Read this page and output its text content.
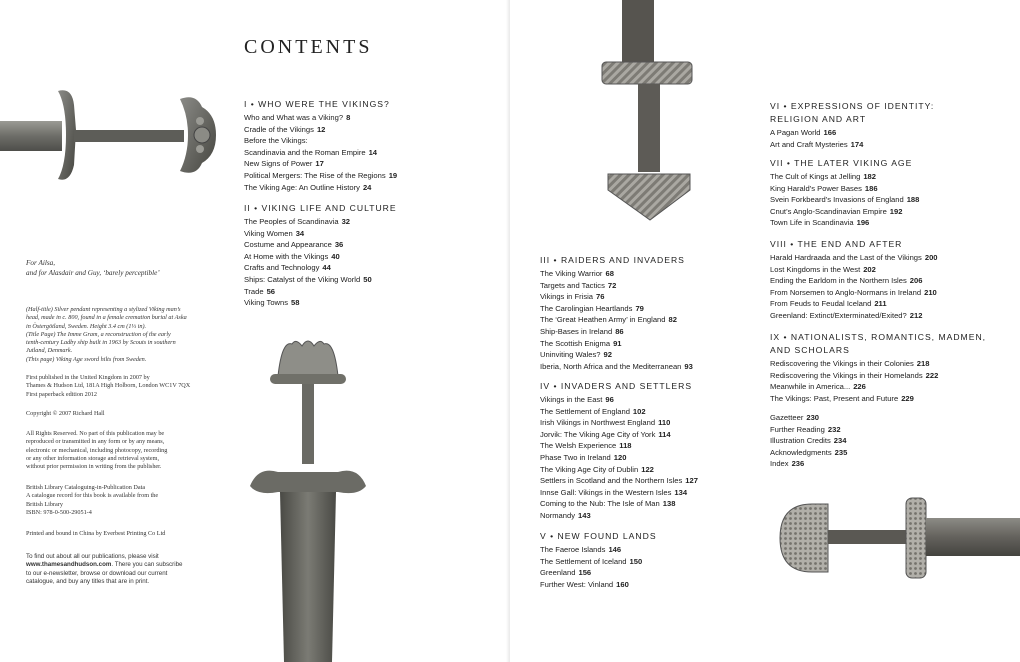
For Ailsa,
and for Alasdair and Guy, ‘barely perceptible’

(Half-title) Silver pendant representing a stylized Viking man’s

head, made in c. 800, found in a female cremation burial at Aska

in Östergötland, Sweden. Height 3.4 cm (1⅓ in).

(Title Page) The Imme Gram, a reconstruction of the early

tenth-century Ladby ship built in 1963 by Scouts in southern

Jutland, Denmark.

(This page) Viking Age sword hilts from Sweden.

First published in the United Kingdom in 2007 by

Thames & Hudson Ltd, 181A High Holborn, London WC1V 7QX

First paperback edition 2012

Copyright © 2007 Richard Hall

All Rights Reserved. No part of this publication may be

reproduced or transmitted in any form or by any means,

electronic or mechanical, including photocopy, recording

or any other information storage and retrieval system,

without prior permission in writing from the publisher.

British Library Cataloguing-in-Publication Data

A catalogue record for this book is available from the

British Library

ISBN: 978-0-500-29051-4

Printed and bound in China by Everbest Printing Co Ltd

To find out about all our publications, please visit
www.thamesandhudson.com. There you can subscribe
to our e-newsletter, browse or download our current
catalogue, and buy any titles that are in print.
CONTENTS
I • WHO WERE THE VIKINGS?
Who and What was a Viking? 8
Cradle of the Vikings 12
Before the Vikings:
Scandinavia and the Roman Empire 14
New Signs of Power 17
Political Mergers: The Rise of the Regions 19
The Viking Age: An Outline History 24
II • VIKING LIFE AND CULTURE
The Peoples of Scandinavia 32
Viking Women 34
Costume and Appearance 36
At Home with the Vikings 40
Crafts and Technology 44
Ships: Catalyst of the Viking World 50
Trade 56
Viking Towns 58
III • RAIDERS AND INVADERS
The Viking Warrior 68
Targets and Tactics 72
Vikings in Frisia 76
The Carolingian Heartlands 79
The ‘Great Heathen Army’ in England 82
Ship-Bases in Ireland 86
The Scottish Enigma 91
Uninviting Wales? 92
Iberia, North Africa and the Mediterranean 93
IV • INVADERS AND SETTLERS
Vikings in the East 96
The Settlement of England 102
Irish Vikings in Northwest England 110
Jorvik: The Viking Age City of York 114
The Welsh Experience 118
Phase Two in Ireland 120
The Viking Age City of Dublin 122
Settlers in Scotland and the Northern Isles 127
Innse Gall: Vikings in the Western Isles 134
Coming to the Nub: The Isle of Man 138
Normandy 143
V • NEW FOUND LANDS
The Faeroe Islands 146
The Settlement of Iceland 150
Greenland 156
Further West: Vinland 160
VI • EXPRESSIONS OF IDENTITY:
RELIGION AND ART
A Pagan World 166
Art and Craft Mysteries 174
VII • THE LATER VIKING AGE
The Cult of Kings at Jelling 182
King Harald’s Power Bases 186
Svein Forkbeard’s Invasions of England 188
Cnut’s Anglo-Scandinavian Empire 192
Town Life in Scandinavia 196
VIII • THE END AND AFTER
Harald Hardraada and the Last of the Vikings 200
Lost Kingdoms in the West 202
Ending the Earldom in the Northern Isles 206
From Norsemen to Anglo-Normans in Ireland 210
From Feuds to Feudal Iceland 211
Greenland: Extinct/Exterminated/Exited? 212
IX • NATIONALISTS, ROMANTICS, MADMEN,
AND SCHOLARS
Rediscovering the Vikings in their Colonies 218
Rediscovering the Vikings in their Homelands 222
Meanwhile in America... 226
The Vikings: Past, Present and Future 229
Gazetteer 230
Further Reading 232
Illustration Credits 234
Acknowledgments 235
Index 236
